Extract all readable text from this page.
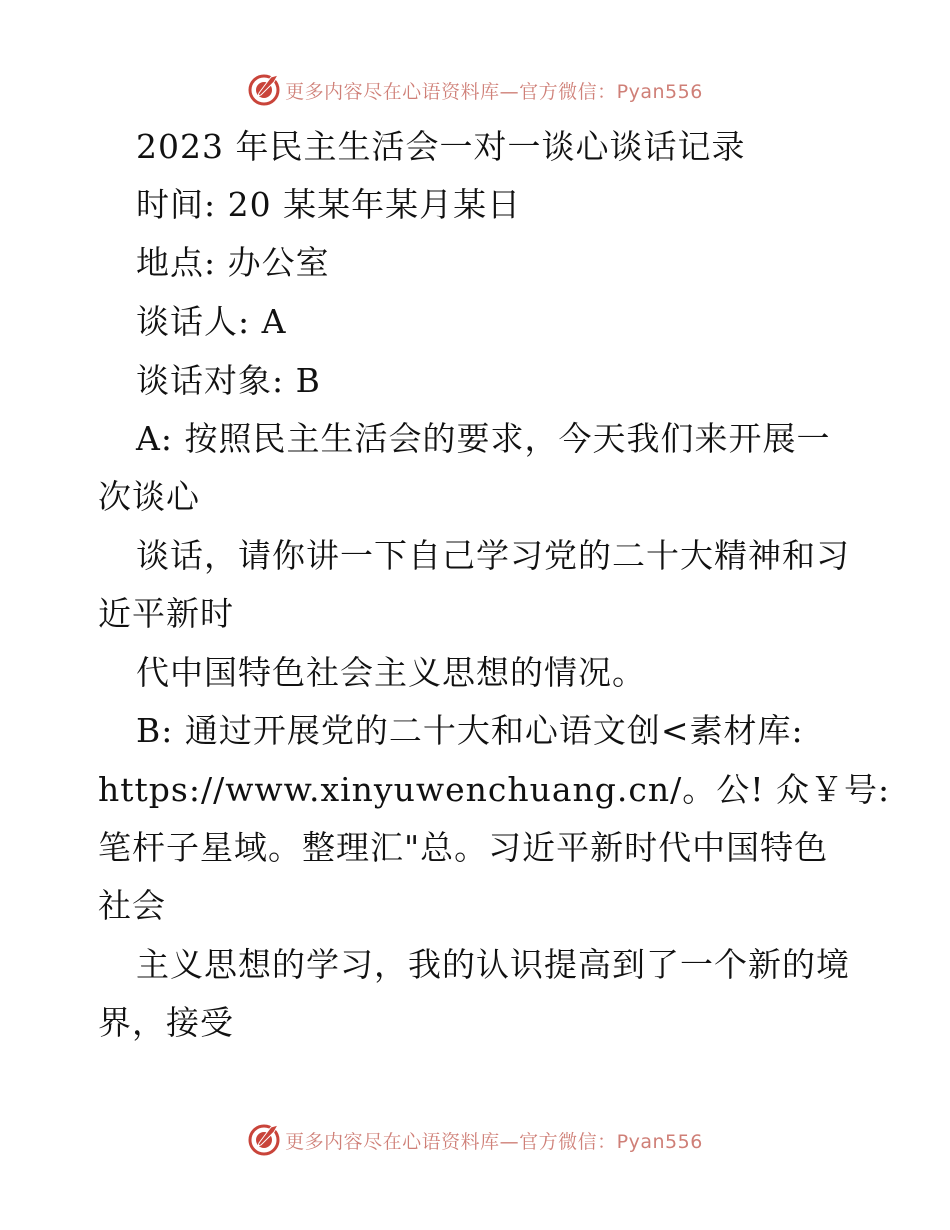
更多内容尽在心语资料库—官方微信：Pyan556
2023 年民主生活会一对一谈心谈话记录
时间: 20 某某年某月某日
地点: 办公室
谈话人: A
谈话对象: B
A: 按照民主生活会的要求，今天我们来开展一
次谈心
谈话，请你讲一下自己学习党的二十大精神和习
近平新时
代中国特色社会主义思想的情况。
B: 通过开展党的二十大和心语文创<素材库:
https://www.xinyuwenchuang.cn/。公! 众￥号:
笔杆子星域。整理汇"总。习近平新时代中国特色
社会
主义思想的学习，我的认识提高到了一个新的境
界，接受
更多内容尽在心语资料库—官方微信：Pyan556
